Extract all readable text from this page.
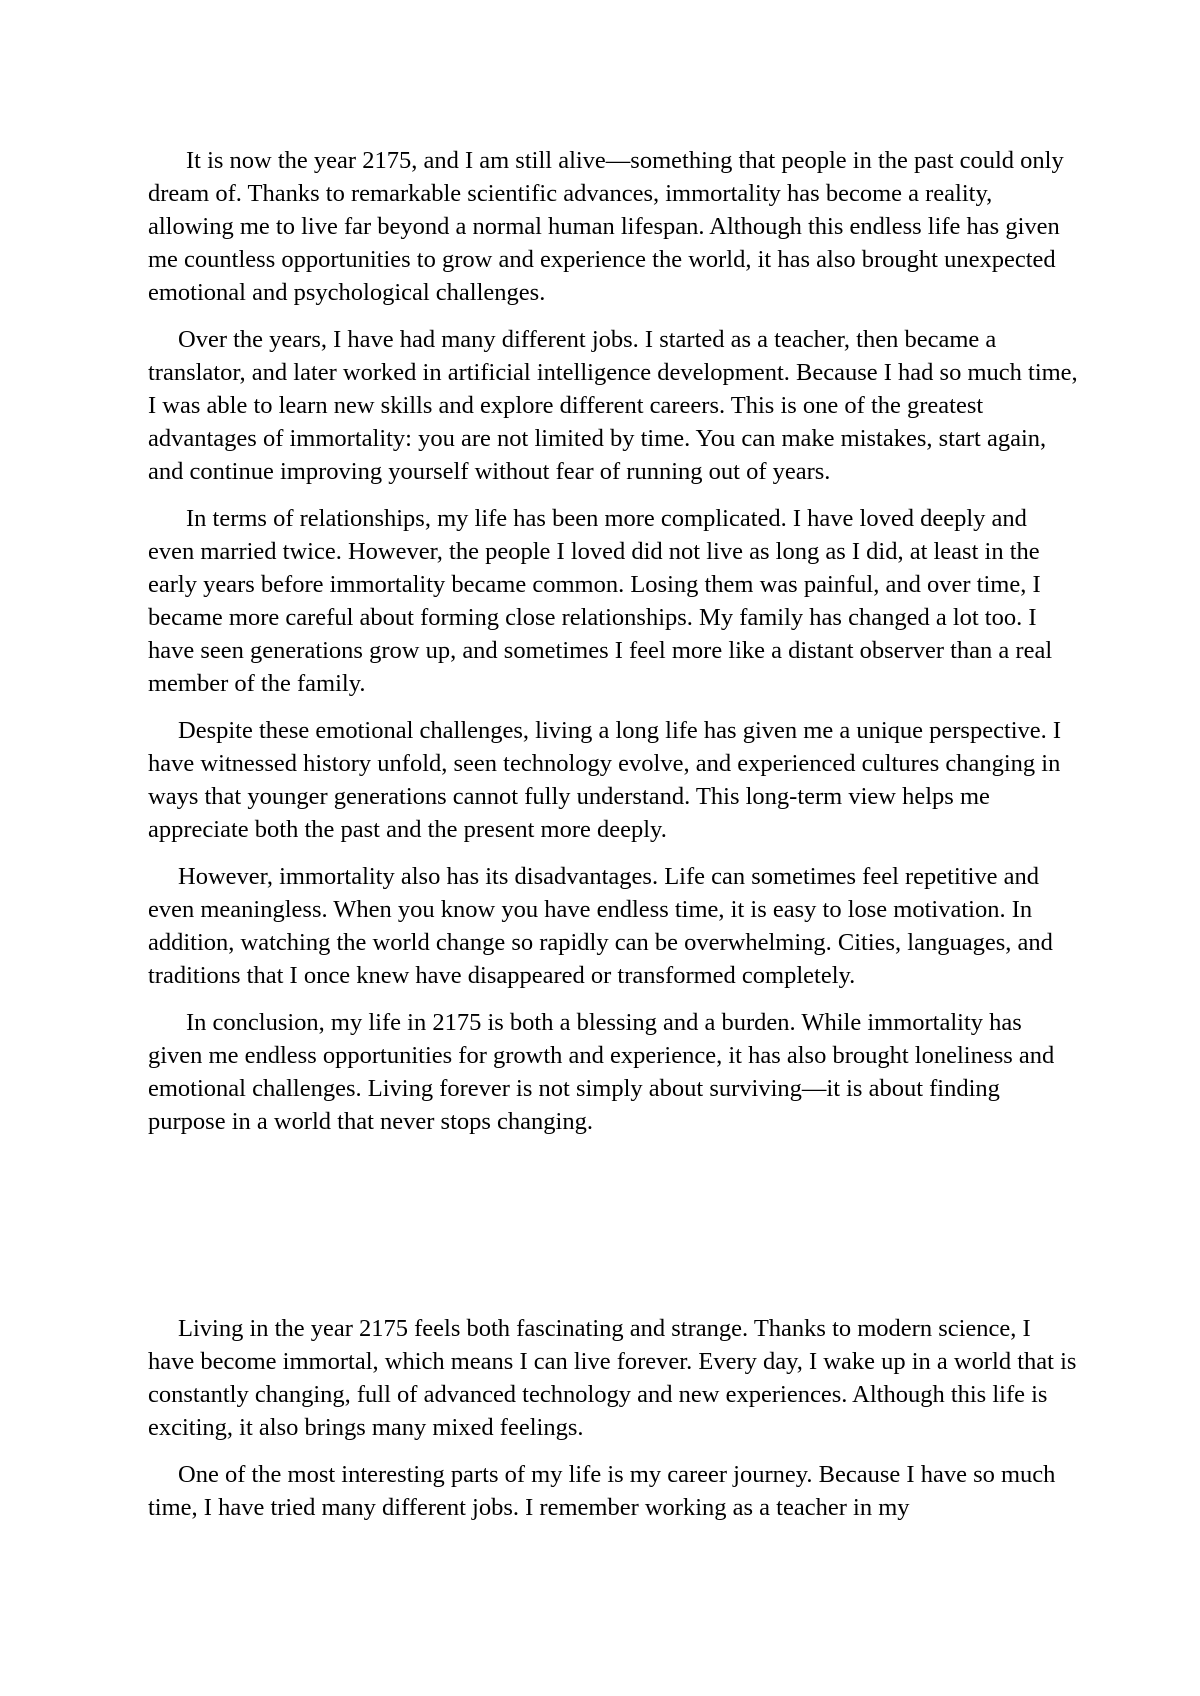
It is now the year 2175, and I am still alive—something that people in the past could only dream of. Thanks to remarkable scientific advances, immortality has become a reality, allowing me to live far beyond a normal human lifespan. Although this endless life has given me countless opportunities to grow and experience the world, it has also brought unexpected emotional and psychological challenges.

Over the years, I have had many different jobs. I started as a teacher, then became a translator, and later worked in artificial intelligence development. Because I had so much time, I was able to learn new skills and explore different careers. This is one of the greatest advantages of immortality: you are not limited by time. You can make mistakes, start again, and continue improving yourself without fear of running out of years.

In terms of relationships, my life has been more complicated. I have loved deeply and even married twice. However, the people I loved did not live as long as I did, at least in the early years before immortality became common. Losing them was painful, and over time, I became more careful about forming close relationships. My family has changed a lot too. I have seen generations grow up, and sometimes I feel more like a distant observer than a real member of the family.

Despite these emotional challenges, living a long life has given me a unique perspective. I have witnessed history unfold, seen technology evolve, and experienced cultures changing in ways that younger generations cannot fully understand. This long-term view helps me appreciate both the past and the present more deeply.

However, immortality also has its disadvantages. Life can sometimes feel repetitive and even meaningless. When you know you have endless time, it is easy to lose motivation. In addition, watching the world change so rapidly can be overwhelming. Cities, languages, and traditions that I once knew have disappeared or transformed completely.

In conclusion, my life in 2175 is both a blessing and a burden. While immortality has given me endless opportunities for growth and experience, it has also brought loneliness and emotional challenges. Living forever is not simply about surviving—it is about finding purpose in a world that never stops changing.

Living in the year 2175 feels both fascinating and strange. Thanks to modern science, I have become immortal, which means I can live forever. Every day, I wake up in a world that is constantly changing, full of advanced technology and new experiences. Although this life is exciting, it also brings many mixed feelings.

One of the most interesting parts of my life is my career journey. Because I have so much time, I have tried many different jobs. I remember working as a teacher in my
